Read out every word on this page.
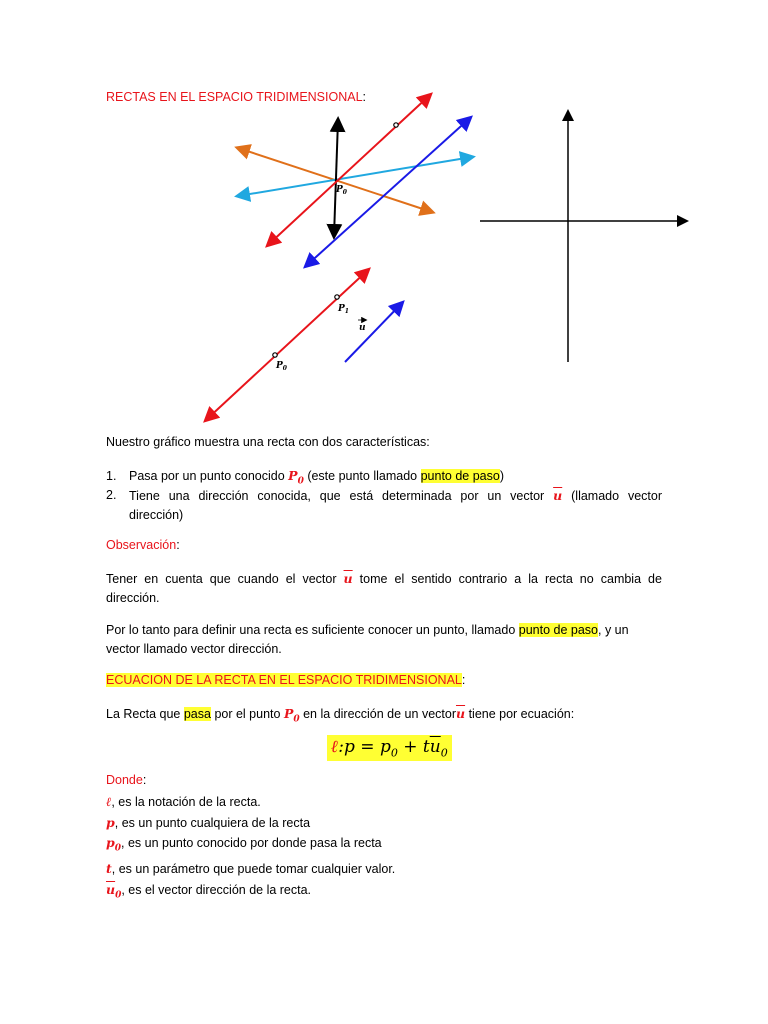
RECTAS EN EL ESPACIO TRIDIMENSIONAL:
$P_0$
$P_1$
$P_0$
u
Nuestro gráfico muestra una recta con dos características:
1. Pasa por un punto conocido $P_0$ (este punto llamado punto de paso)
2. Tiene una dirección conocida, que está determinada por un vector $\overline{u}$ (llamado vector
dirección)
Observación:
Tener en cuenta que cuando el vector $\overline{u}$ tome el sentido contrario a la recta no cambia de
dirección.
Por lo tanto para definir una recta es suficiente conocer un punto, llamado punto de paso, y un
vector llamado vector dirección.
ECUACION DE LA RECTA EN EL ESPACIO TRIDIMENSIONAL:
La Recta que pasa por el punto $P_0$ en la dirección de un $vector\overline{u}$ tiene por ecuación:
ℓ:p = $p_0 + t\overline{u}_0$
Donde:
ℓ, es la notación de la recta.
p, es un punto cualquiera de la recta
$p_0$, es un punto conocido por donde pasa la recta
t, es un parámetro que puede tomar cualquier valor.
$\overline{u}_0$, es el vector dirección de la recta.
